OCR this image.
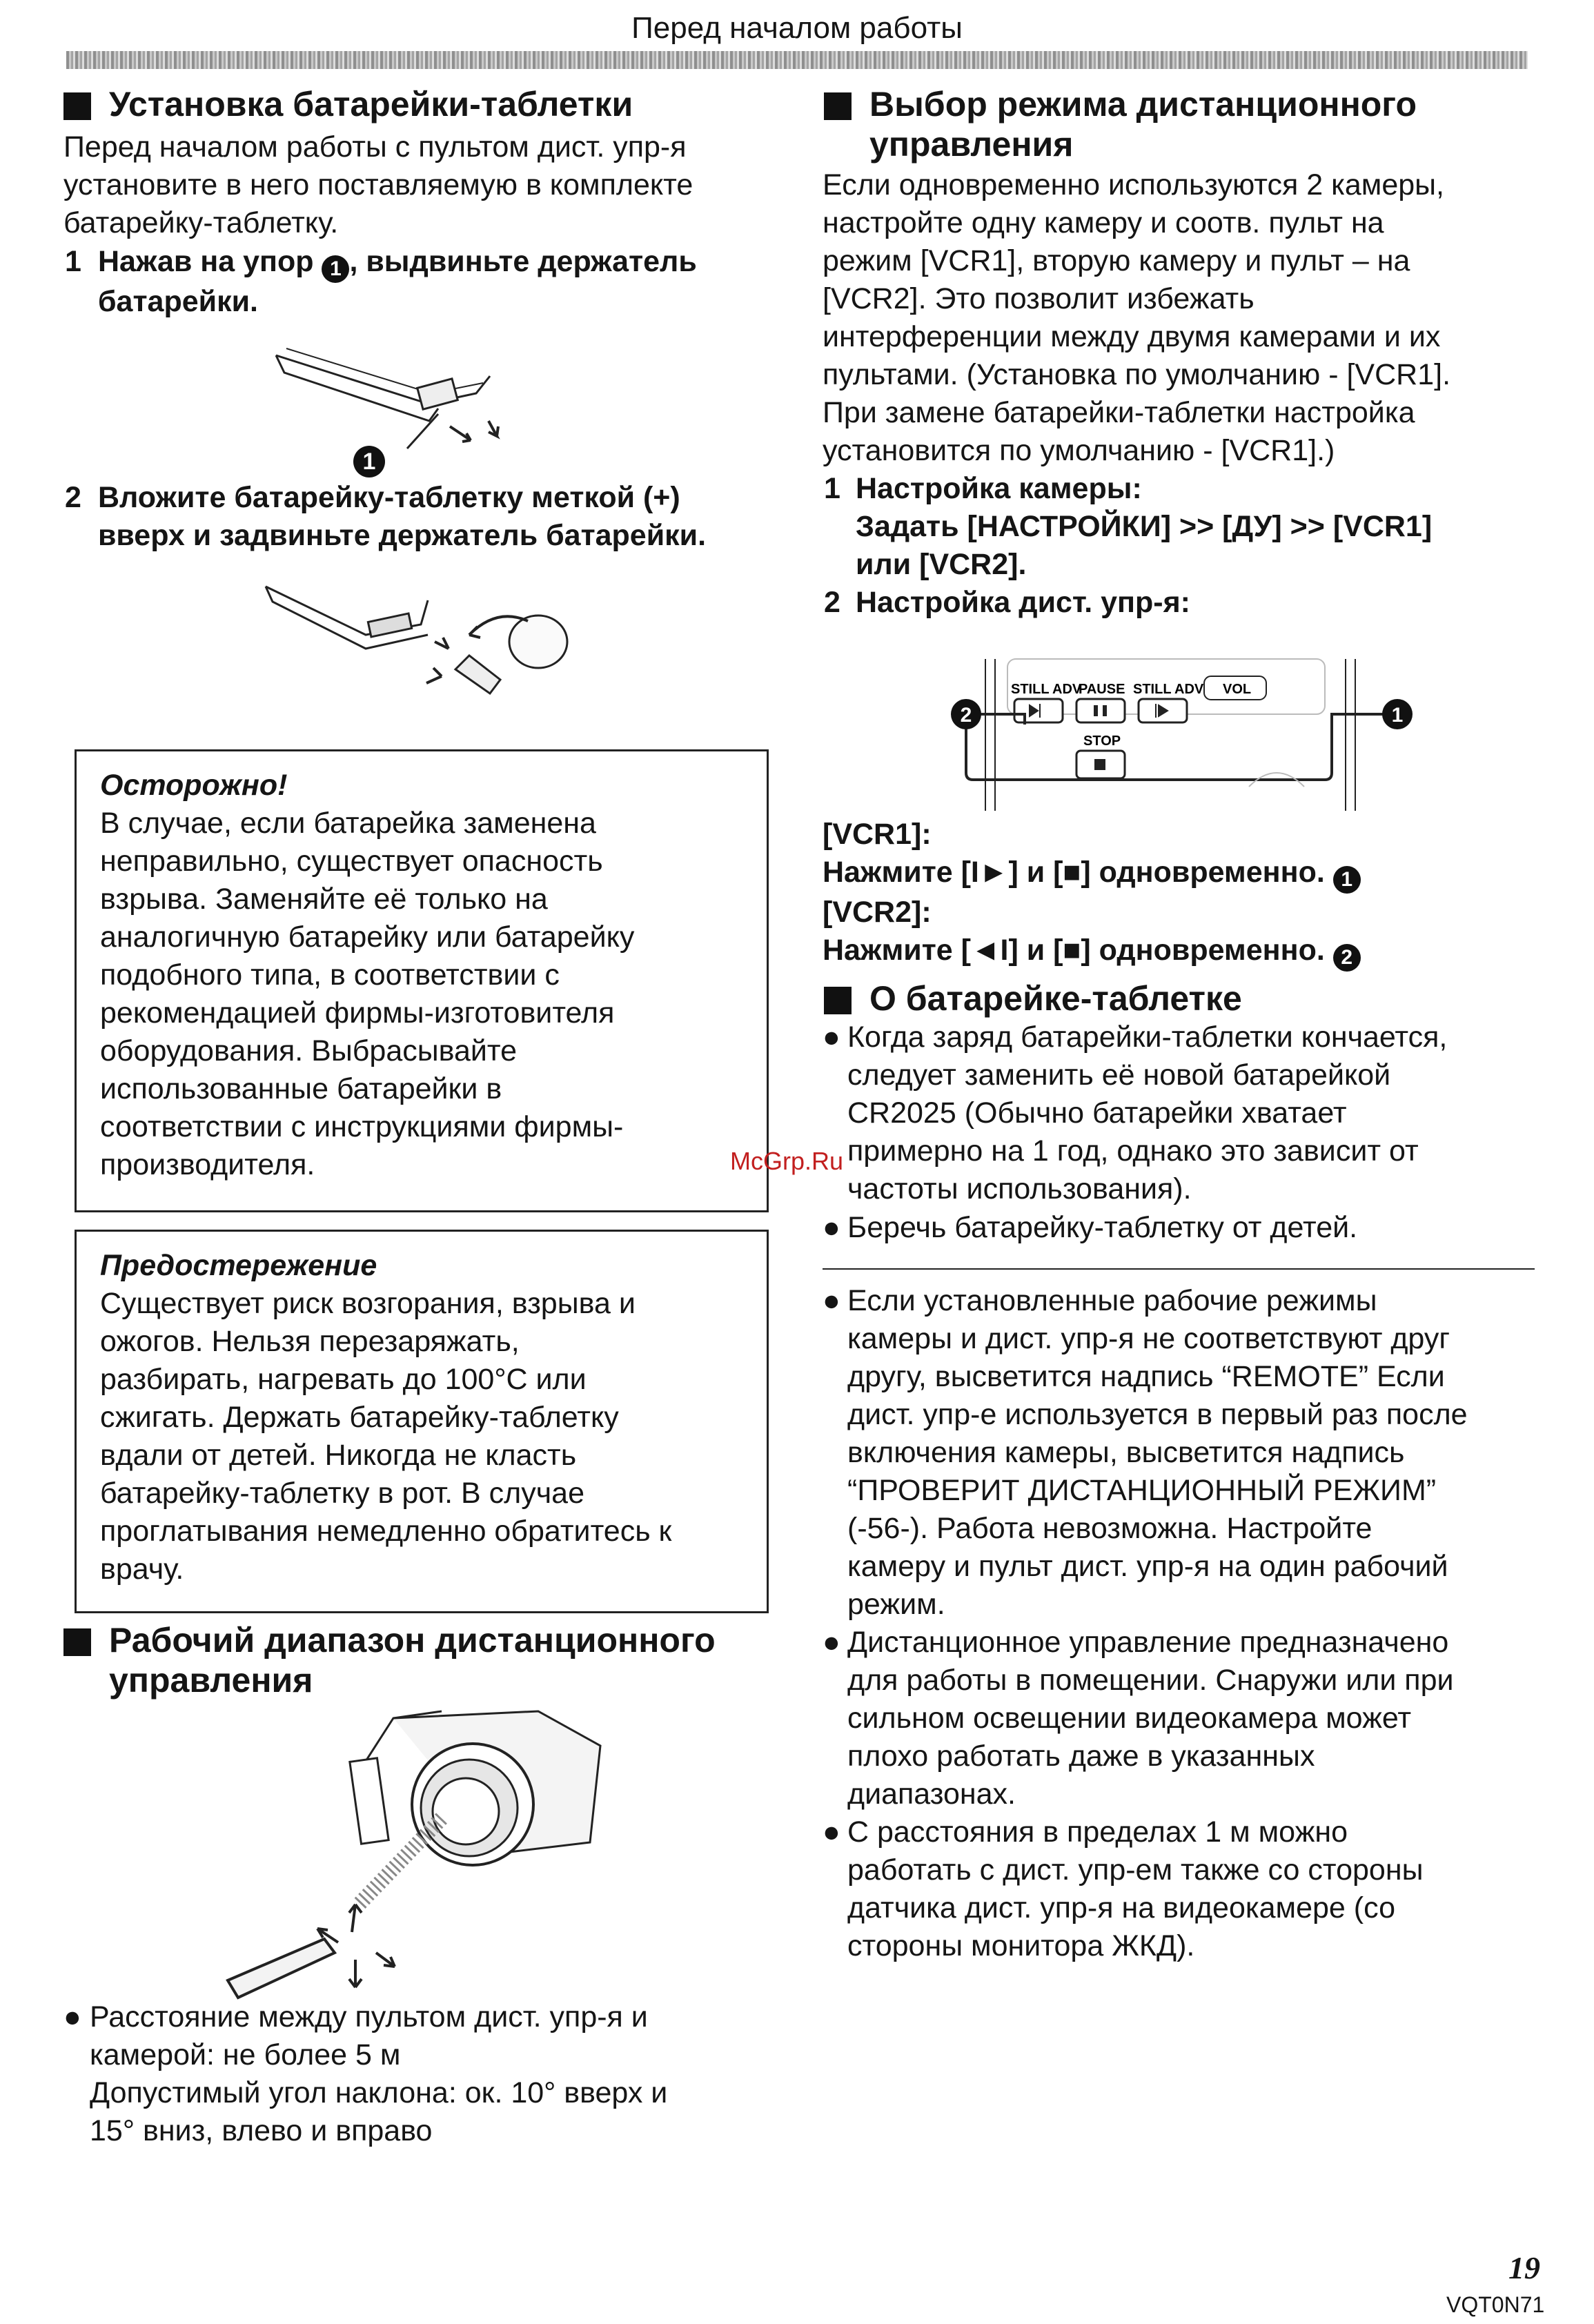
Перед началом работы
Установка батарейки-таблетки
Перед началом работы с пультом дист. упр-я
установите в него поставляемую в комплекте
батарейку-таблетку.
1 Нажав на упор 1 , выдвиньте держатель
батарейки.
1
2 Вложите батарейку-таблетку меткой (+)
вверх и задвиньте держатель батарейки.
Осторожно!
В случае, если батарейка заменена
неправильно, существует опасность
взрыва. Заменяйте её только на
аналогичную батарейку или батарейку
подобного типа, в соответствии с
рекомендацией фирмы-изготовителя
оборудования. Выбрасывайте
использованные батарейки в
соответствии с инструкциями фирмы-
производителя.
Предостережение
Существует риск возгорания, взрыва и
ожогов. Нельзя перезаряжать,
разбирать, нагревать до 100°C или
сжигать. Держать батарейку-таблетку
вдали от детей. Никогда не класть
батарейку-таблетку в рот. В случае
проглатывания немедленно обратитесь к
врачу.
Рабочий диапазон дистанционного
управления
● Расстояние между пультом дист. упр-я и
камерой: не более 5 м
Допустимый угол наклона: ок. 10° вверх и
15° вниз, влево и вправо
Выбор режима дистанционного
управления
Если одновременно используются 2 камеры,
настройте одну камеру и соотв. пульт на
режим [VCR1], вторую камеру и пульт – на
[VCR2]. Это позволит избежать
интерференции между двумя камерами и их
пультами. (Установка по умолчанию - [VCR1].
При замене батарейки-таблетки настройка
установится по умолчанию - [VCR1].)
1 Настройка камеры:
Задать [НАСТРОЙКИ] >> [ДУ] >> [VCR1]
или [VCR2].
2 Настройка дист. упр-я:
STILL ADV
PAUSE STILL ADV VOL
STOP
2	1
[VCR1]:
Нажмите [I►] и [■] одновременно. 1
[VCR2]:
Нажмите [◄I] и [■] одновременно. 2
О батарейке-таблетке
● Когда заряд батарейки-таблетки кончается,
следует заменить её новой батарейкой
CR2025 (Обычно батарейки хватает
примерно на 1 год, однако это зависит от
частоты использования).
● Беречь батарейку-таблетку от детей.
● Если установленные рабочие режимы
камеры и дист. упр-я не соответствуют друг
другу, высветится надпись “REMOTE” Если
дист. упр-е используется в первый раз после
включения камеры, высветится надпись
“ПРОВЕРИТ ДИСТАНЦИОННЫЙ РЕЖИМ”
(-56-). Работа невозможна. Настройте
камеру и пульт дист. упр-я на один рабочий
режим.
● Дистанционное управление предназначено
для работы в помещении. Снаружи или при
сильном освещении видеокамера может
плохо работать даже в указанных
диапазонах.
● С расстояния в пределах 1 м можно
работать с дист. упр-ем также со стороны
датчика дист. упр-я на видеокамере (со
стороны монитора ЖКД).
McGrp.Ru
19
VQT0N71
